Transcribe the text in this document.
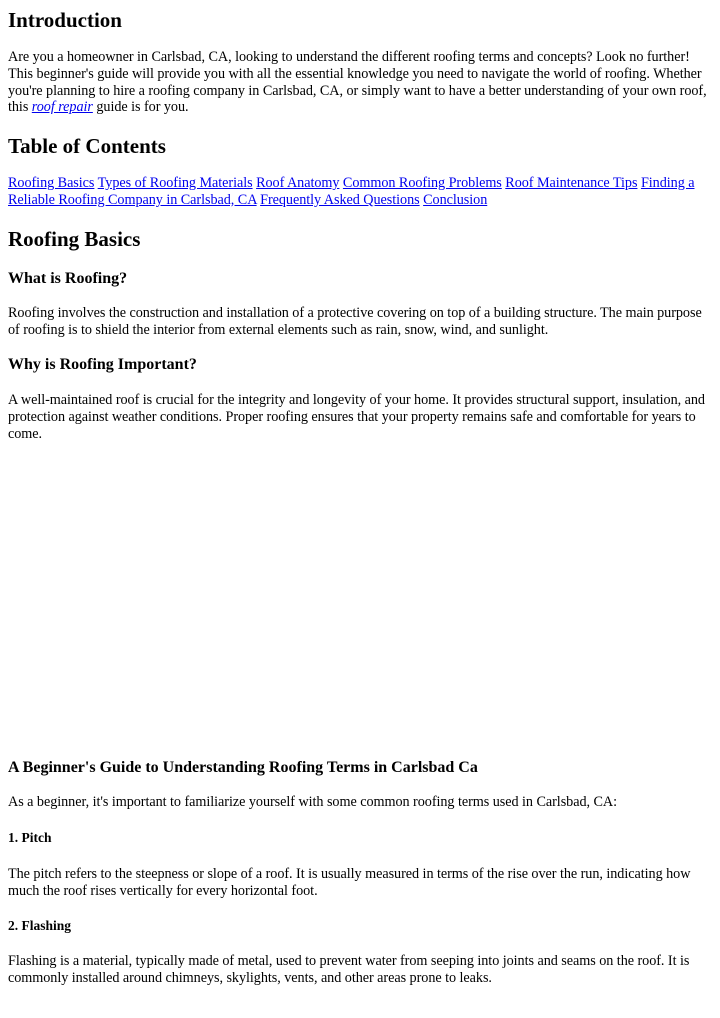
Introduction

Are you a homeowner in Carlsbad, CA, looking to understand the different roofing terms and concepts? Look no further! This beginner's guide will provide you with all the essential knowledge you need to navigate the world of roofing. Whether you're planning to hire a roofing company in Carlsbad, CA, or simply want to have a better understanding of your own roof, this roof repair guide is for you.

Table of Contents

Roofing Basics Types of Roofing Materials Roof Anatomy Common Roofing Problems Roof Maintenance Tips Finding a Reliable Roofing Company in Carlsbad, CA Frequently Asked Questions Conclusion

Roofing Basics
What is Roofing?

Roofing involves the construction and installation of a protective covering on top of a building structure. The main purpose of roofing is to shield the interior from external elements such as rain, snow, wind, and sunlight.

Why is Roofing Important?

A well-maintained roof is crucial for the integrity and longevity of your home. It provides structural support, insulation, and protection against weather conditions. Proper roofing ensures that your property remains safe and comfortable for years to come.

A Beginner's Guide to Understanding Roofing Terms in Carlsbad Ca

As a beginner, it's important to familiarize yourself with some common roofing terms used in Carlsbad, CA:

1. Pitch

The pitch refers to the steepness or slope of a roof. It is usually measured in terms of the rise over the run, indicating how much the roof rises vertically for every horizontal foot.

2. Flashing

Flashing is a material, typically made of metal, used to prevent water from seeping into joints and seams on the roof. It is commonly installed around chimneys, skylights, vents, and other areas prone to leaks.
